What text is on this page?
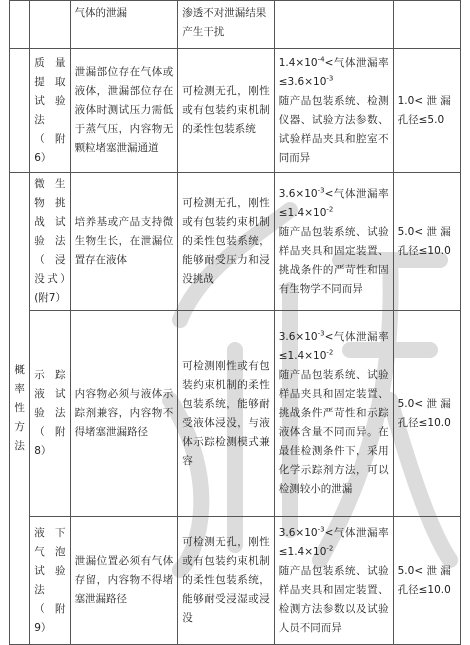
		气体的泄漏	渗透不对泄漏结果产生干扰		
	质量提取试验法（附6）	泄漏部位存在气体或液体，泄漏部位存在液体时测试压力需低于蒸气压，内容物无颗粒堵塞泄漏通道	可检测无孔，刚性或有包装约束机制的柔性包装系统	$1.4\times 10^{-4}<$气体泄漏率$\le 3.6\times 10^{-3}$
随产品包装系统、检测仪器、试验方法参数、试验样品夹具和腔室不同而异	1.0< 泄 漏孔径≤5.0
概率性方法	微生物挑战试验法（浸没式）(附7）	培养基或产品支持微生物生长，在泄漏位置存在液体	可检测无孔，刚性或有包装约束机制的柔性包装系统，能够耐受压力和浸没挑战	$3.6\times 10^{-3}<$气体泄漏率$\le 1.4\times 10^{-2}$
随产品包装系统、试验样品夹具和固定装置、挑战条件的严苛性和固有生物学不同而异	5.0< 泄 漏孔径≤10.0
	示踪液试验法（附8）	内容物必须与液体示踪剂兼容，内容物不得堵塞泄漏路径	可检测刚性或有包装约束机制的柔性包装系统，能够耐受液体浸没，与液体示踪检测模式兼容	$3.6\times 10^{-3}<$气体泄漏率$\le 1.4\times 10^{-2}$
随产品包装系统、试验样品夹具和固定装置、挑战条件严苛性和示踪液体含量不同而异。在最佳检测条件下，采用化学示踪剂方法，可以检测较小的泄漏	5.0< 泄 漏孔径≤10.0
	液下气泡试验法（附9）	泄漏位置必须有气体存留，内容物不得堵塞泄漏路径	可检测无孔，刚性或有包装约束机制的柔性包装系统，能够耐受浸湿或浸没	$3.6\times 10^{-3}<$气体泄漏率$\le 1.4\times 10^{-2}$
随产品包装系统、试验样品夹具和固定装置、检测方法参数以及试验人员不同而异	5.0< 泄 漏孔径≤10.0
